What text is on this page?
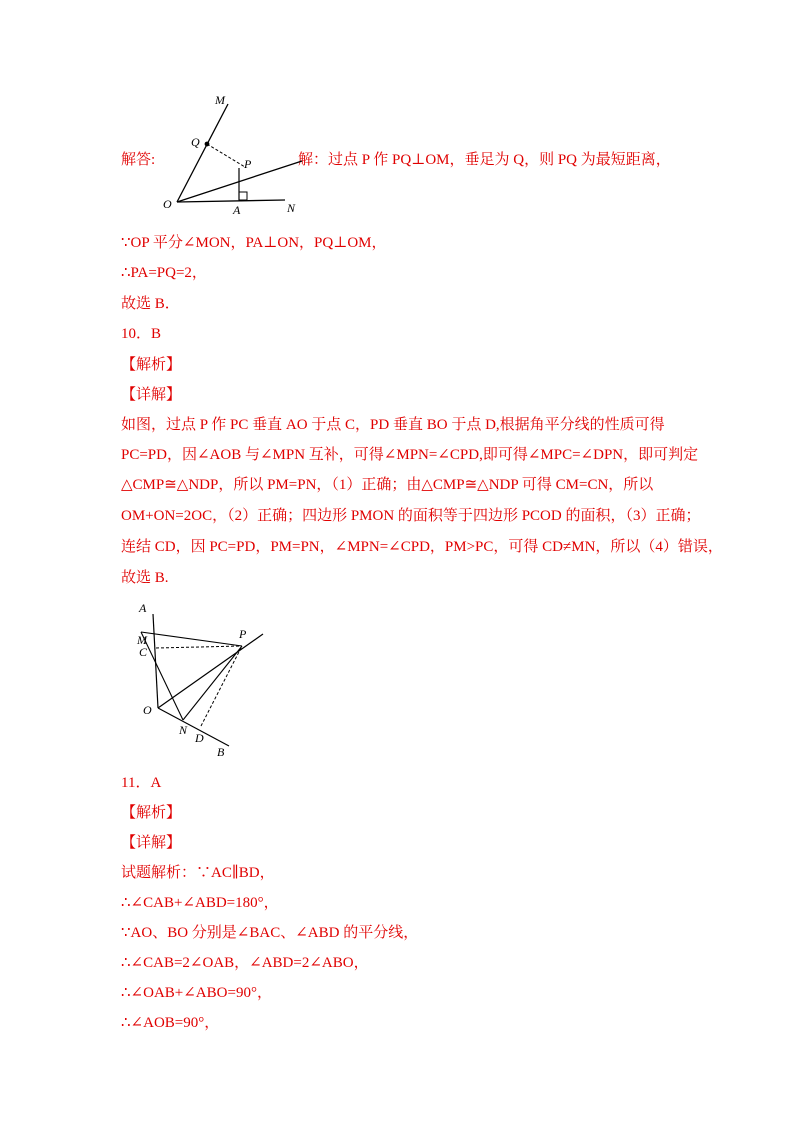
解答:	解：过点 P 作 PQ⊥OM，垂足为 Q，则 PQ 为最短距离，
M
Q
P
O	A	N
∵OP 平分∠MON，PA⊥ON，PQ⊥OM，
∴PA=PQ=2，
故选 B．
10．B
【解析】
【详解】
如图，过点 P 作 PC 垂直 AO 于点 C，PD 垂直 BO 于点 D,根据角平分线的性质可得
PC=PD，因∠AOB 与∠MPN 互补，可得∠MPN=∠CPD,即可得∠MPC=∠DPN，即可判定
△CMP≅△NDP，所以 PM=PN，（1）正确；由△CMP≅△NDP 可得 CM=CN，所以
OM+ON=2OC，（2）正确；四边形 PMON 的面积等于四边形 PCOD 的面积，（3）正确；
连结 CD，因 PC=PD，PM=PN，∠MPN=∠CPD，PM>PC，可得 CD≠MN，所以（4）错误，
故选 B.
A
M
C
P
O
N
D
B
11．A
【解析】
【详解】
试题解析：∵AC∥BD，
∴∠CAB+∠ABD=180°，
∵AO、BO 分别是∠BAC、∠ABD 的平分线，
∴∠CAB=2∠OAB，∠ABD=2∠ABO，
∴∠OAB+∠ABO=90°，
∴∠AOB=90°，
